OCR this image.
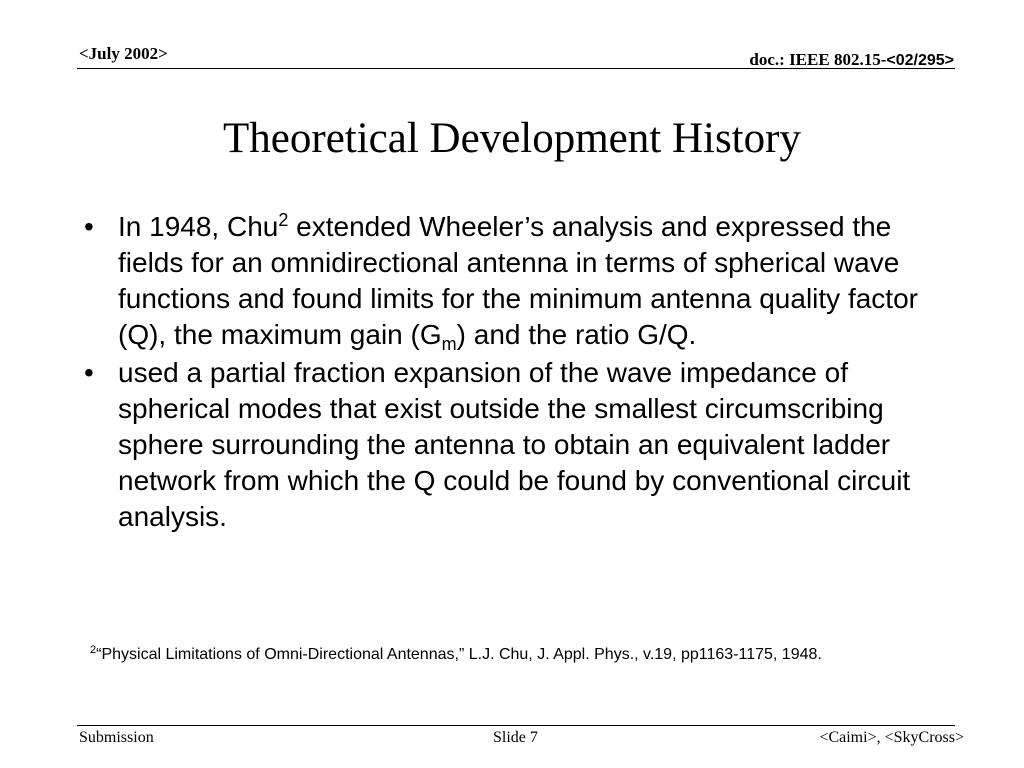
<July 2002>	doc.: IEEE 802.15-<02/295>
Theoretical Development History
• In 1948, Chu$^2$ extended Wheeler’s analysis and expressed the fields for an omnidirectional antenna in terms of spherical wave functions and found limits for the minimum antenna quality factor (Q), the maximum gain $(G_m)$ and the ratio G/Q.
• used a partial fraction expansion of the wave impedance of spherical modes that exist outside the smallest circumscribing sphere surrounding the antenna to obtain an equivalent ladder network from which the Q could be found by conventional circuit analysis.
$^2$“Physical Limitations of Omni-Directional Antennas,” L.J. Chu, J. Appl. Phys., v.19, pp1163-1175, 1948.
Submission	Slide 7	<Caimi>, <SkyCross>
